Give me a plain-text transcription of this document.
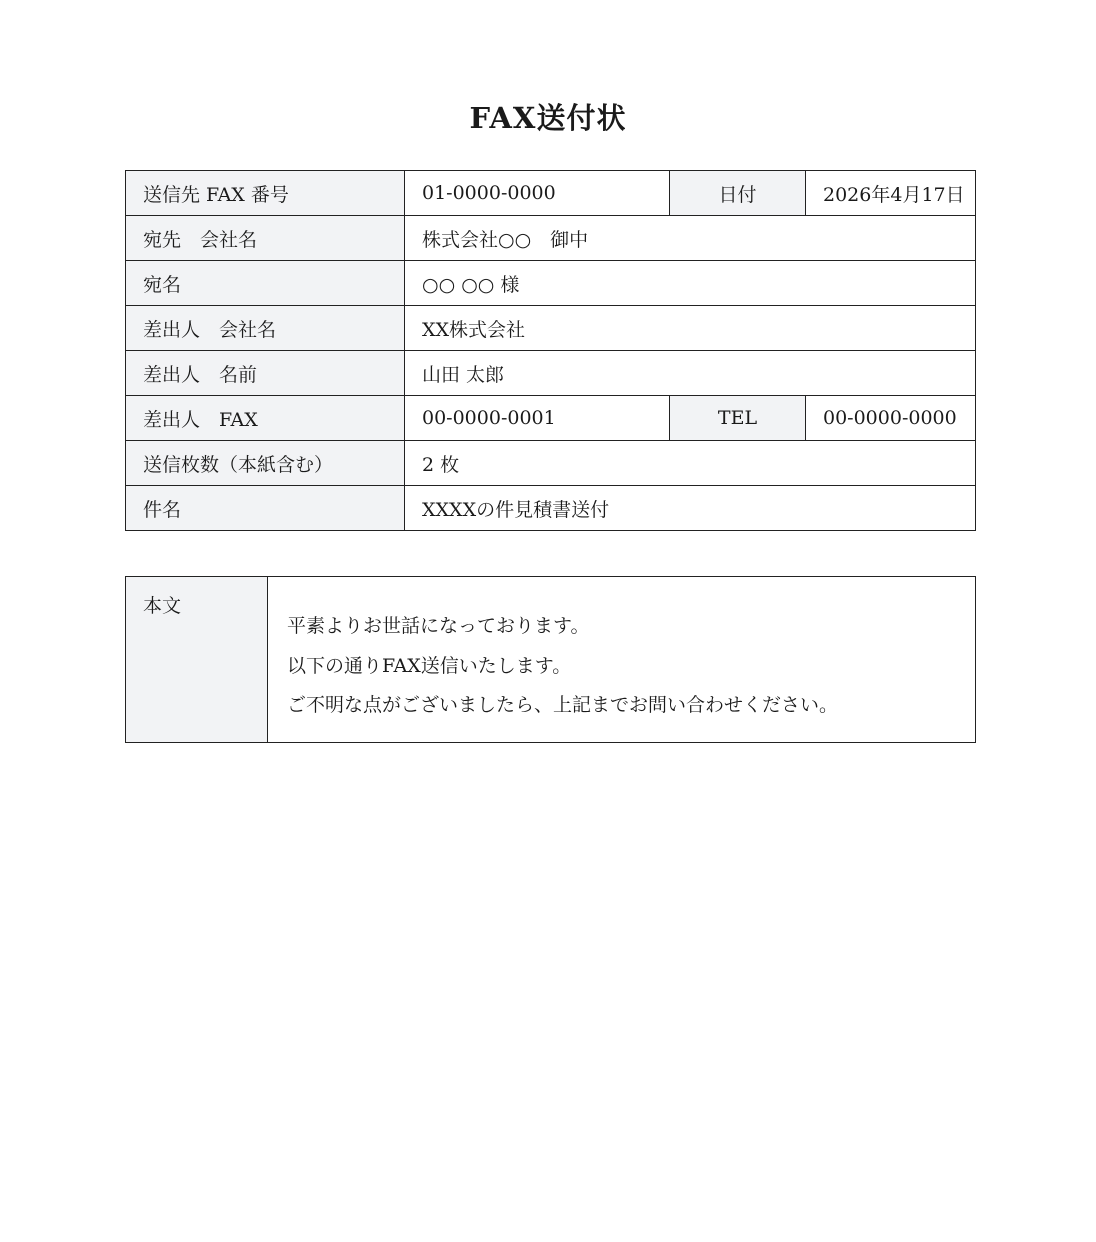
FAX送付状
送信先 FAX 番号	01-0000-0000	日付	2026年4月17日
宛先　会社名	株式会社○○　御中		
宛名	○○ ○○ 様		
差出人　会社名	XX株式会社		
差出人　名前	山田 太郎		
差出人　FAX	00-0000-0001	TEL	00-0000-0000
送信枚数（本紙含む）	2 枚		
件名	XXXXの件見積書送付		
本文	
平素よりお世話になっております。
以下の通りFAX送信いたします。
ご不明な点がございましたら、上記までお問い合わせください。
